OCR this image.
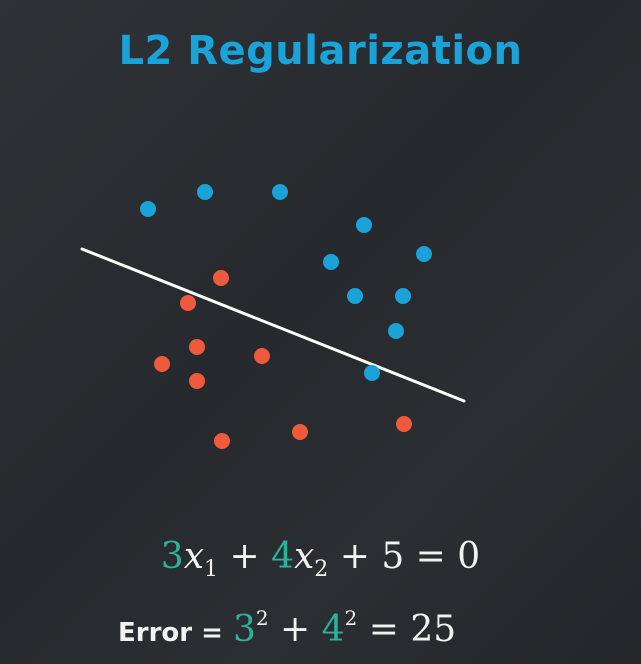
L2 Regularization
$3x_1 + 4x_2 + 5 = 0$
Error = $3^2 + 4^2 = 25$
